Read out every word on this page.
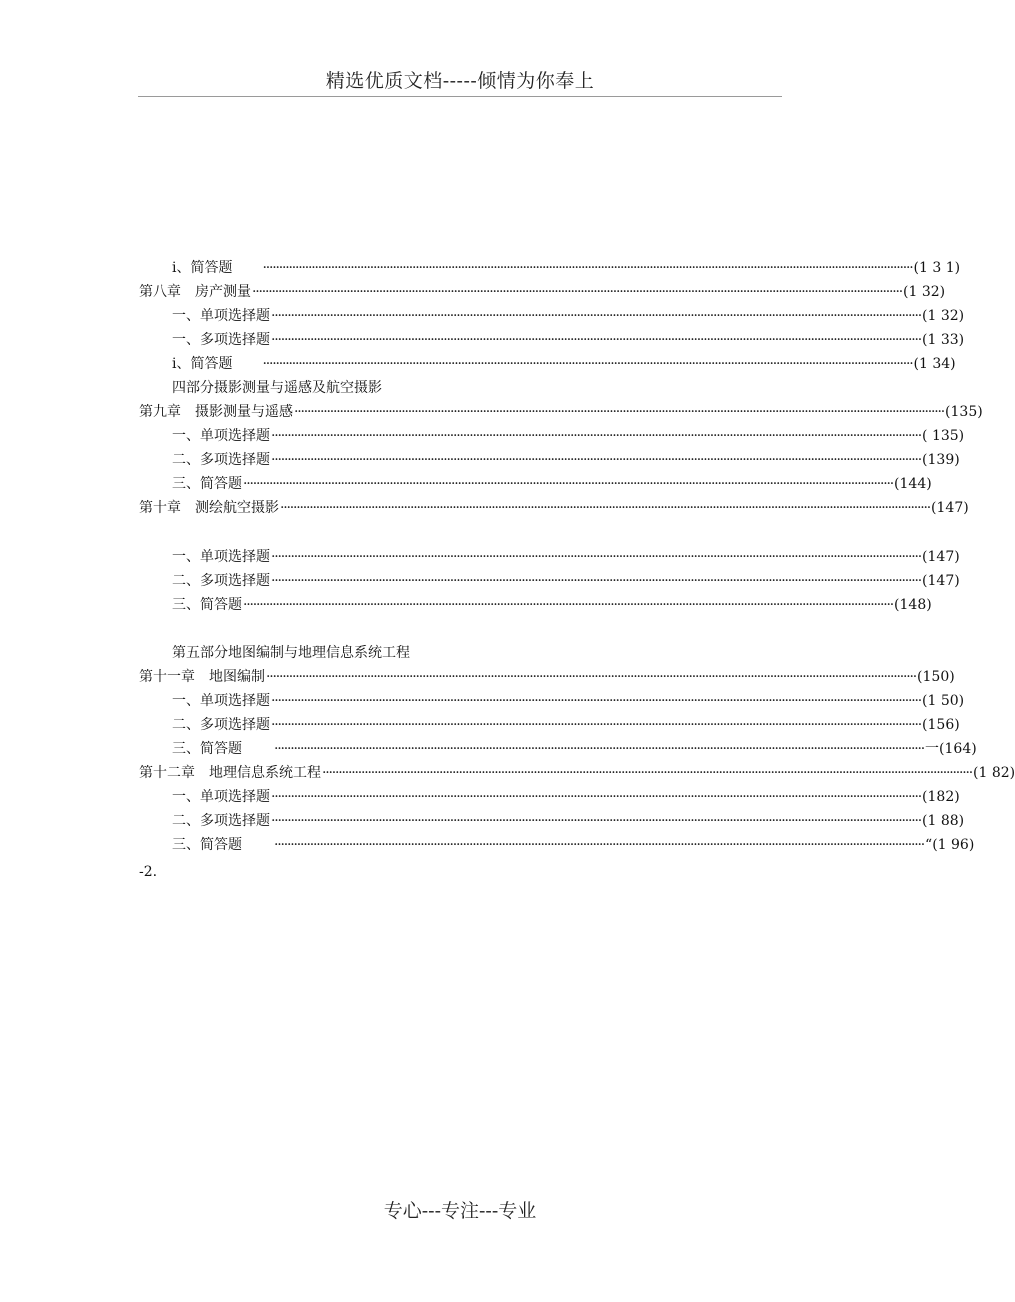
精选优质文档-----倾情为你奉上
i、简答题 ········································································································································································································ (1 3 1)
第八章　房产测量 ········································································································································································································ (1 32)
一、单项选择题 ········································································································································································································ (1 32)
一、多项选择题 ········································································································································································································ (1 33)
i、简答题 ········································································································································································································ (1 34)
四部分摄影测量与遥感及航空摄影
第九章　摄影测量与遥感 ········································································································································································································ (135)
一、单项选择题 ········································································································································································································ ( 135)
二、多项选择题 ········································································································································································································ (139)
三、简答题 ········································································································································································································ (144)
第十章　测绘航空摄影 ········································································································································································································ (147)
一、单项选择题 ········································································································································································································ (147)
二、多项选择题 ········································································································································································································ (147)
三、简答题 ········································································································································································································ (148)
第五部分地图编制与地理信息系统工程
第十一章　地图编制 ········································································································································································································ (150)
一、单项选择题 ········································································································································································································ (1 50)
二、多项选择题 ········································································································································································································ (156)
三、简答题 ········································································································································································································ 一(164)
第十二章　地理信息系统工程 ········································································································································································································ (1 82)
一、单项选择题 ········································································································································································································ (182)
二、多项选择题 ········································································································································································································ (1 88)
三、简答题 ········································································································································································································ “(1 96)
-2.
专心---专注---专业
